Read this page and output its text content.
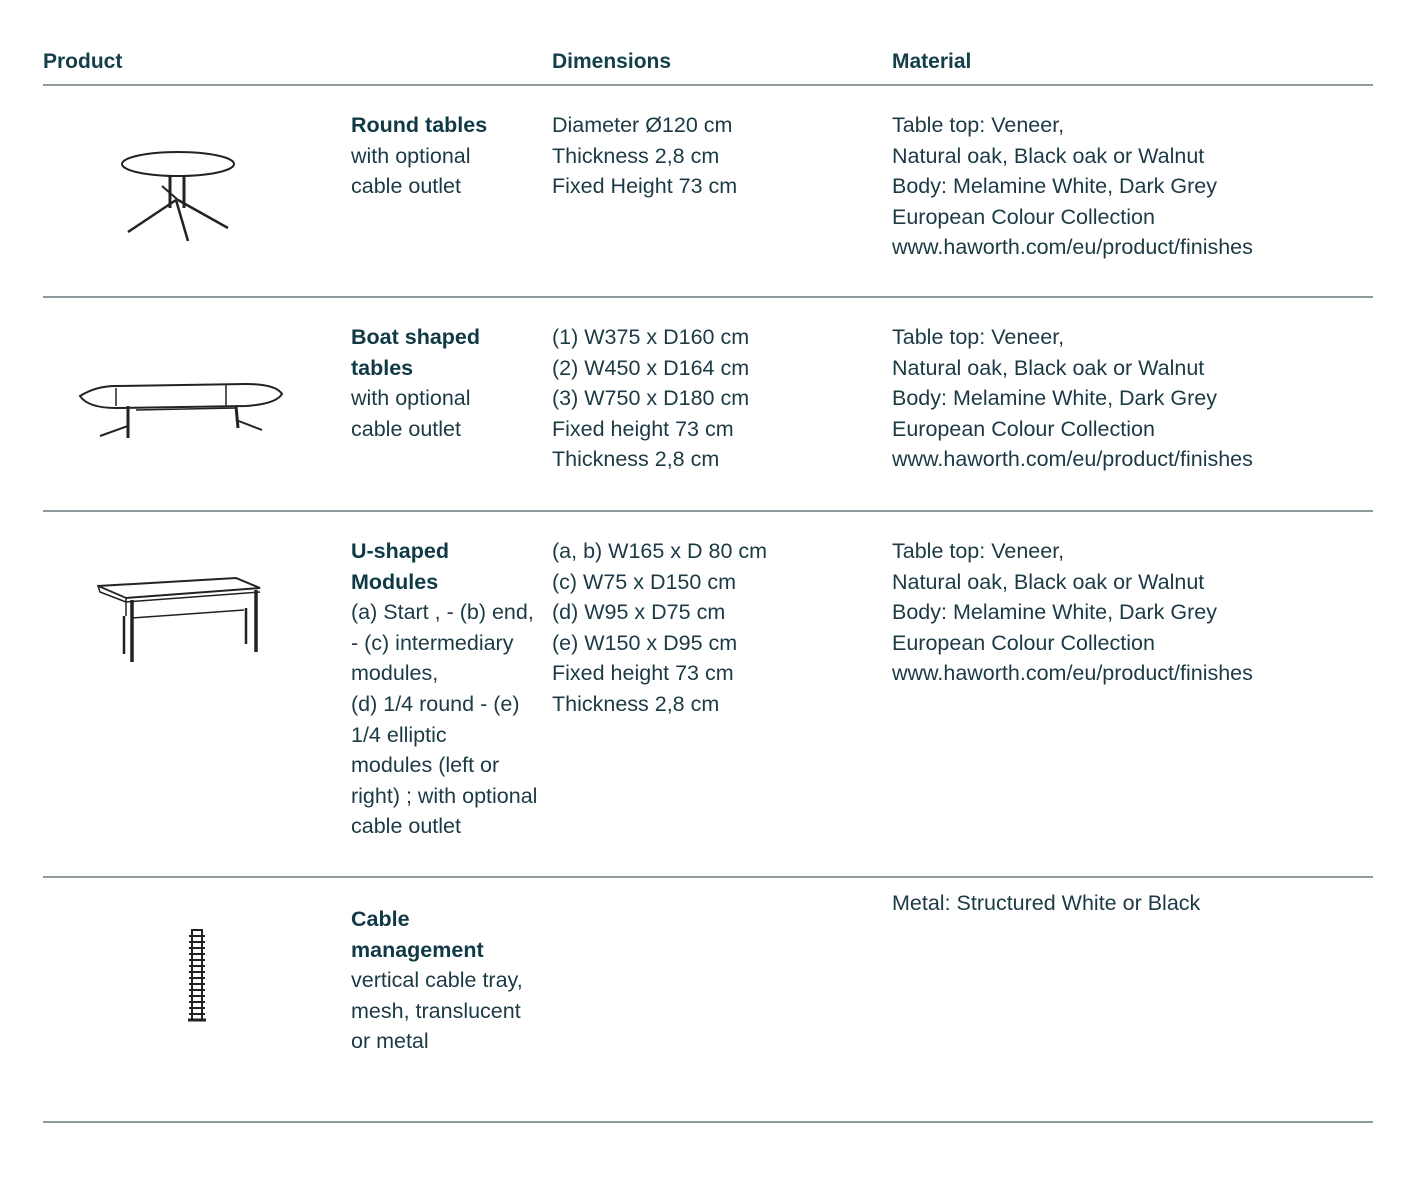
Product	Dimensions	Material
Round tables
with optional
cable outlet
Diameter Ø120 cm
Thickness 2,8 cm
Fixed Height 73 cm
Table top: Veneer,
Natural oak, Black oak or Walnut
Body: Melamine White, Dark Grey
European Colour Collection
www.haworth.com/eu/product/finishes
Boat shaped tables
with optional
cable outlet
(1) W375 x D160 cm
(2) W450 x D164 cm
(3) W750 x D180 cm
Fixed height 73 cm
Thickness 2,8 cm
Table top: Veneer,
Natural oak, Black oak or Walnut
Body: Melamine White, Dark Grey
European Colour Collection
www.haworth.com/eu/product/finishes
U-shaped Modules
(a) Start , - (b) end,
- (c) intermediary
modules,
(d) 1/4 round - (e)
1/4 elliptic
modules (left or
right) ; with optional
cable outlet
(a, b) W165 x D 80 cm
(c) W75 x D150 cm
(d) W95 x D75 cm
(e) W150 x D95 cm
Fixed height 73 cm
Thickness 2,8 cm
Table top: Veneer,
Natural oak, Black oak or Walnut
Body: Melamine White, Dark Grey
European Colour Collection
www.haworth.com/eu/product/finishes
Cable management
vertical cable tray,
mesh, translucent
or metal
Metal: Structured White or Black
